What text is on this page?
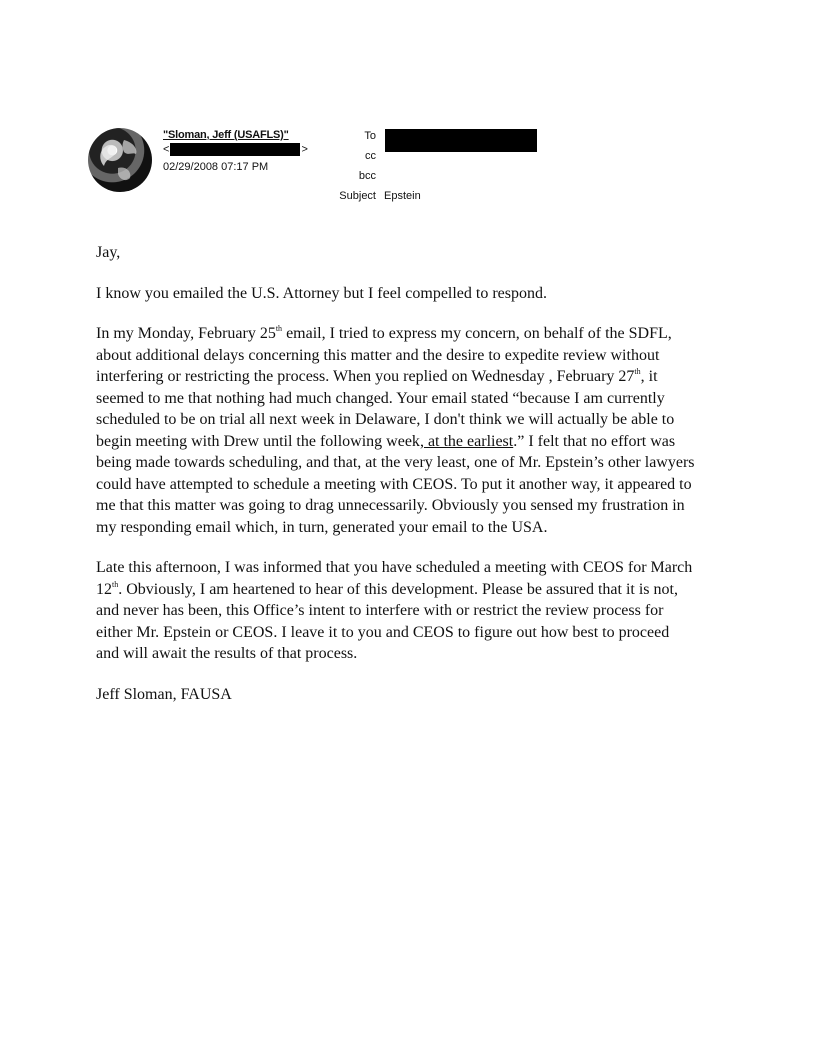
"Sloman, Jeff (USAFLS)"
<	>
02/29/2008 07:17 PM
To
cc
bcc
Subject Epstein

Jay,

I know you emailed the U.S. Attorney but I feel compelled to respond.

In my Monday, February 25th email, I tried to express my concern, on behalf of the SDFL, about additional delays concerning this matter and the desire to expedite review without interfering or restricting the process. When you replied on Wednesday , February 27th, it seemed to me that nothing had much changed. Your email stated “because I am currently scheduled to be on trial all next week in Delaware, I don't think we will actually be able to begin meeting with Drew until the following week, at the earliest.” I felt that no effort was being made towards scheduling, and that, at the very least, one of Mr. Epstein’s other lawyers could have attempted to schedule a meeting with CEOS. To put it another way, it appeared to me that this matter was going to drag unnecessarily. Obviously you sensed my frustration in my responding email which, in turn, generated your email to the USA.

Late this afternoon, I was informed that you have scheduled a meeting with CEOS for March 12th. Obviously, I am heartened to hear of this development. Please be assured that it is not, and never has been, this Office’s intent to interfere with or restrict the review process for either Mr. Epstein or CEOS. I leave it to you and CEOS to figure out how best to proceed and will await the results of that process.

Jeff Sloman, FAUSA
